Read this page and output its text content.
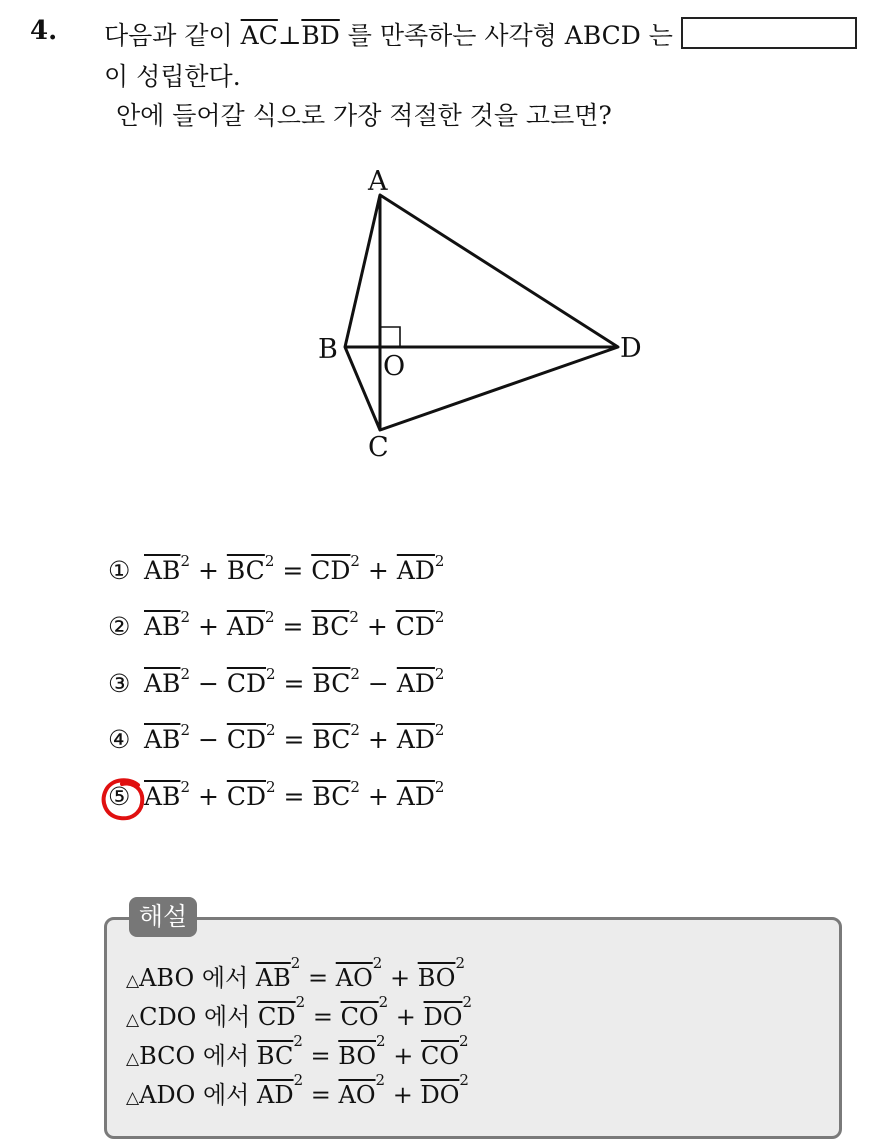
4. 다음과 같이 $\overline{AC}\perp\overline{BD}$ 를 만족하는 사각형 ABCD 는
이 성립한다.
안에 들어갈 식으로 가장 적절한 것을 고르면?
A
B
O
D
C
① $\overline{AB}^2 + \overline{BC}^2 = \overline{CD}^2 + \overline{AD}^2$
② $\overline{AB}^2 + \overline{AD}^2 = \overline{BC}^2 + \overline{CD}^2$
③ $\overline{AB}^2 - \overline{CD}^2 = \overline{BC}^2 - \overline{AD}^2$
④ $\overline{AB}^2 - \overline{CD}^2 = \overline{BC}^2 + \overline{AD}^2$
⑤ $\overline{AB}^2 + \overline{CD}^2 = \overline{BC}^2 + \overline{AD}^2$
해설
△ABO 에서 $\overline{AB}^2 = \overline{AO}^2 + \overline{BO}^2$
△CDO 에서 $\overline{CD}^2 = \overline{CO}^2 + \overline{DO}^2$
△BCO 에서 $\overline{BC}^2 = \overline{BO}^2 + \overline{CO}^2$
△ADO 에서 $\overline{AD}^2 = \overline{AO}^2 + \overline{DO}^2$
